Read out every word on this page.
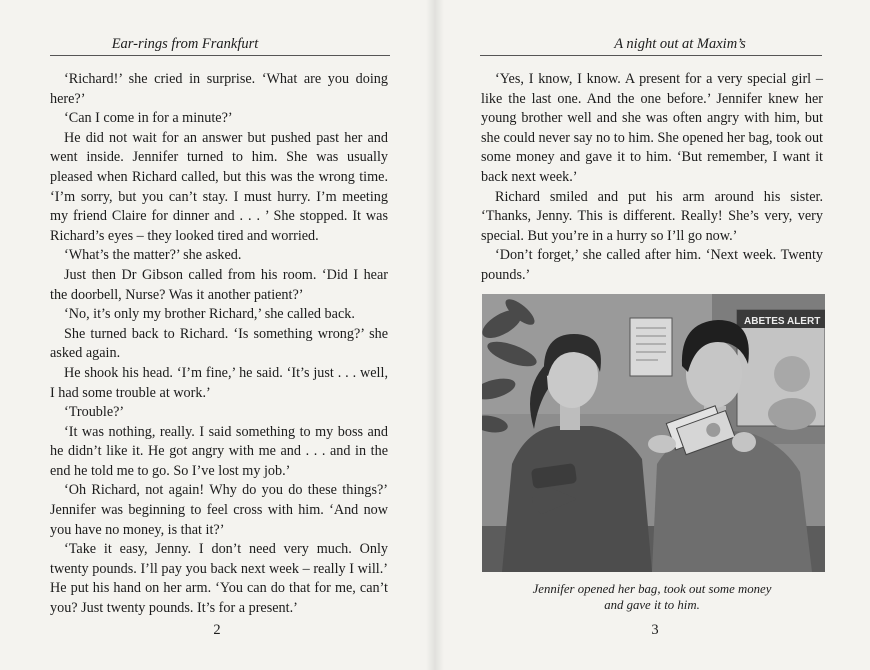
Ear-rings from Frankfurt

‘Richard!’ she cried in surprise. ‘What are you doing here?’

‘Can I come in for a minute?’

He did not wait for an answer but pushed past her and went inside. Jennifer turned to him. She was usually pleased when Richard called, but this was the wrong time. ‘I’m sorry, but you can’t stay. I must hurry. I’m meeting my friend Claire for dinner and . . . ’ She stopped. It was Richard’s eyes – they looked tired and worried.

‘What’s the matter?’ she asked.

Just then Dr Gibson called from his room. ‘Did I hear the doorbell, Nurse? Was it another patient?’

‘No, it’s only my brother Richard,’ she called back.

She turned back to Richard. ‘Is something wrong?’ she asked again.

He shook his head. ‘I’m fine,’ he said. ‘It’s just . . . well, I had some trouble at work.’

‘Trouble?’

‘It was nothing, really. I said something to my boss and he didn’t like it. He got angry with me and . . . and in the end he told me to go. So I’ve lost my job.’

‘Oh Richard, not again! Why do you do these things?’ Jennifer was beginning to feel cross with him. ‘And now you have no money, is that it?’

‘Take it easy, Jenny. I don’t need very much. Only twenty pounds. I’ll pay you back next week – really I will.’ He put his hand on her arm. ‘You can do that for me, can’t you? Just twenty pounds. It’s for a present.’

2
A night out at Maxim’s

‘Yes, I know, I know. A present for a very special girl – like the last one. And the one before.’ Jennifer knew her young brother well and she was often angry with him, but she could never say no to him. She opened her bag, took out some money and gave it to him. ‘But remember, I want it back next week.’

Richard smiled and put his arm around his sister. ‘Thanks, Jenny. This is different. Really! She’s very, very special. But you’re in a hurry so I’ll go now.’

‘Don’t forget,’ she called after him. ‘Next week. Twenty pounds.’

ABETES ALERT
Jennifer opened her bag, took out some money
and gave it to him.
3
